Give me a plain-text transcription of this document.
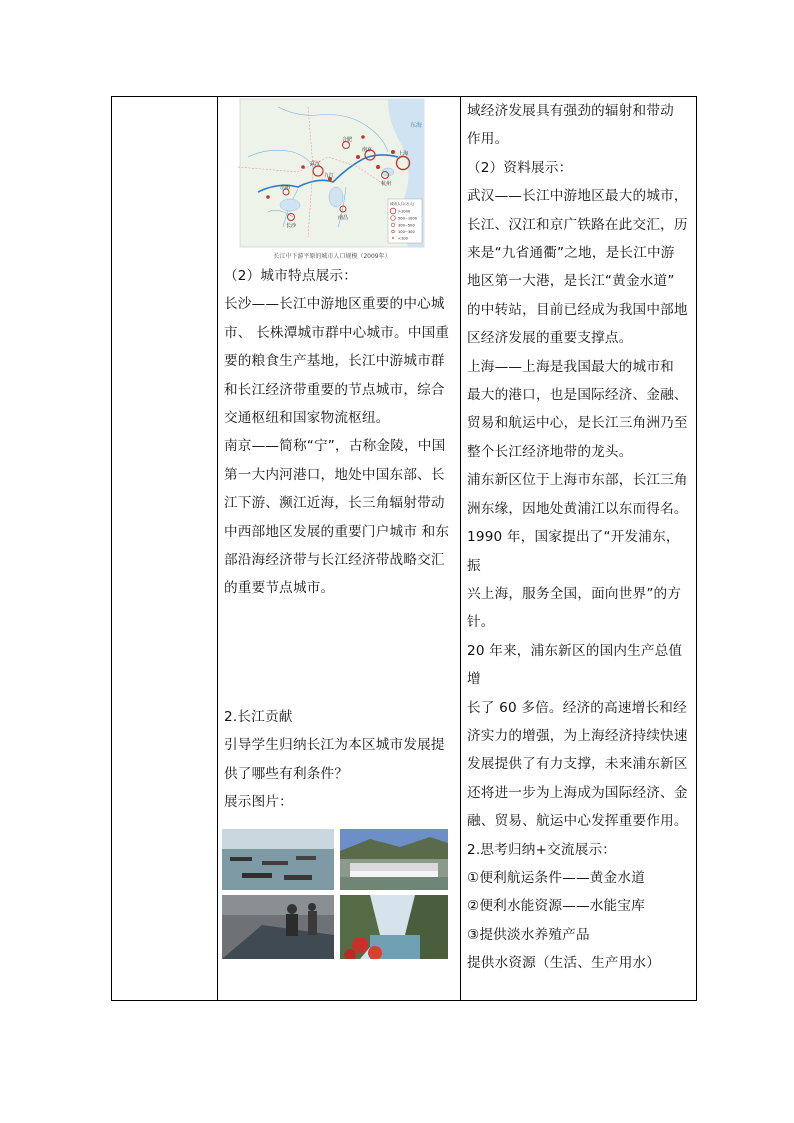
合肥
南京
上海
杭州
武汉
长沙
南昌
岳阳
九江
东海
城市人口(万人)
>1000
500~1000
300~500
100~300
<100
长江中下游平原的城市人口规模（2009年）

（2）城市特点展示：

长沙——长江中游地区重要的中心城

市、 长株潭城市群中心城市。中国重

要的粮食生产基地，长江中游城市群

和长江经济带重要的节点城市，综合

交通枢纽和国家物流枢纽。

南京——简称“宁”，古称金陵，中国

第一大内河港口，地处中国东部、长

江下游、濒江近海，长三角辐射带动

中西部地区发展的重要门户城市 和东

部沿海经济带与长江经济带战略交汇

的重要节点城市。

2.长江贡献

引导学生归纳长江为本区城市发展提

供了哪些有利条件？

展示图片：

域经济发展具有强劲的辐射和带动

作用。

（2）资料展示：

武汉——长江中游地区最大的城市，

长江、汉江和京广铁路在此交汇，历

来是“九省通衢”之地，是长江中游

地区第一大港，是长江“黄金水道”

的中转站，目前已经成为我国中部地

区经济发展的重要支撑点。

上海——上海是我国最大的城市和

最大的港口，也是国际经济、金融、

贸易和航运中心，是长江三角洲乃至

整个长江经济地带的龙头。

浦东新区位于上海市东部，长江三角

洲东缘，因地处黄浦江以东而得名。

1990 年，国家提出了“开发浦东，振

兴上海，服务全国，面向世界”的方

针。

20 年来，浦东新区的国内生产总值增

长了 60 多倍。经济的高速增长和经

济实力的增强，为上海经济持续快速

发展提供了有力支撑，未来浦东新区

还将进一步为上海成为国际经济、金

融、贸易、航运中心发挥重要作用。

2.思考归纳+交流展示：

①便利航运条件——黄金水道

②便利水能资源——水能宝库

③提供淡水养殖产品

提供水资源（生活、生产用水）
